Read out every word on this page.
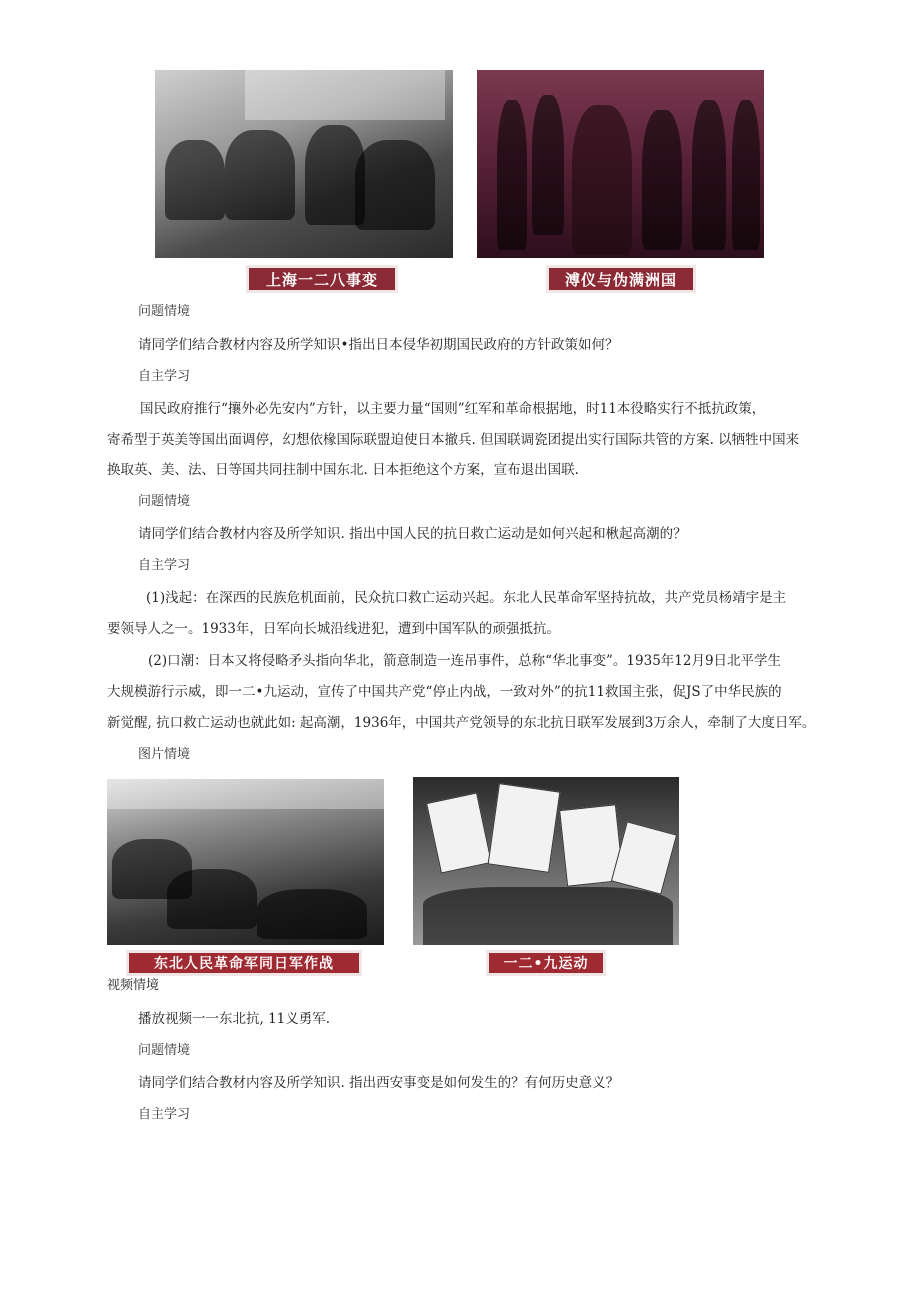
上海一二八事变	溥仪与伪满洲国
问题情境
请同学们结合教材内容及所学知识•指出日本侵华初期国民政府的方针政策如何？
自主学习
国民政府推行“攘外必先安内”方针，以主要力量“国则”红军和革命根据地，时11本役略实行不抵抗政策，
寄希型于英美等国出面调停，幻想依椽国际联盟迫使日本撤兵. 但国联调瓷团提出实行国际共管的方案. 以牺牲中国来
换取英、美、法、日等国共同拄制中国东北. 日本拒绝这个方案，宣布退出国联.
问题情境
请同学们结合教材内容及所学知识. 指出中国人民的抗日救亡运动是如何兴起和楸起高潮的？
自主学习
(1)浅起：在深西的民族危机面前，民众抗口救亡运动兴起。东北人民革命军坚持抗故，共产党员杨靖宇是主
要领导人之一。1933年，日军向长城沿线进犯，遭到中国军队的顽强抵抗。
(2)口潮：日本又将侵略矛头指向华北，箭意制造一连吊事件，总称“华北事变”。1935年12月9日北平学生
大规模游行示威，即一二•九运动，宣传了中国共产党“停止内战，一致对外”的抗11救国主张，促JS了中华民族的
新觉醒, 抗口救亡运动也就此如: 起高潮，1936年，中国共产党领导的东北抗日联军发展到3万余人，牵制了大度日军。
图片情境
东北人民革命军同日军作战	一二•九运动
视频情境
播放视频一一东北抗, 11义勇军.
问题情境
请同学们结合教材内容及所学知识. 指出西安事变是如何发生的？有何历史意义？
自主学习
